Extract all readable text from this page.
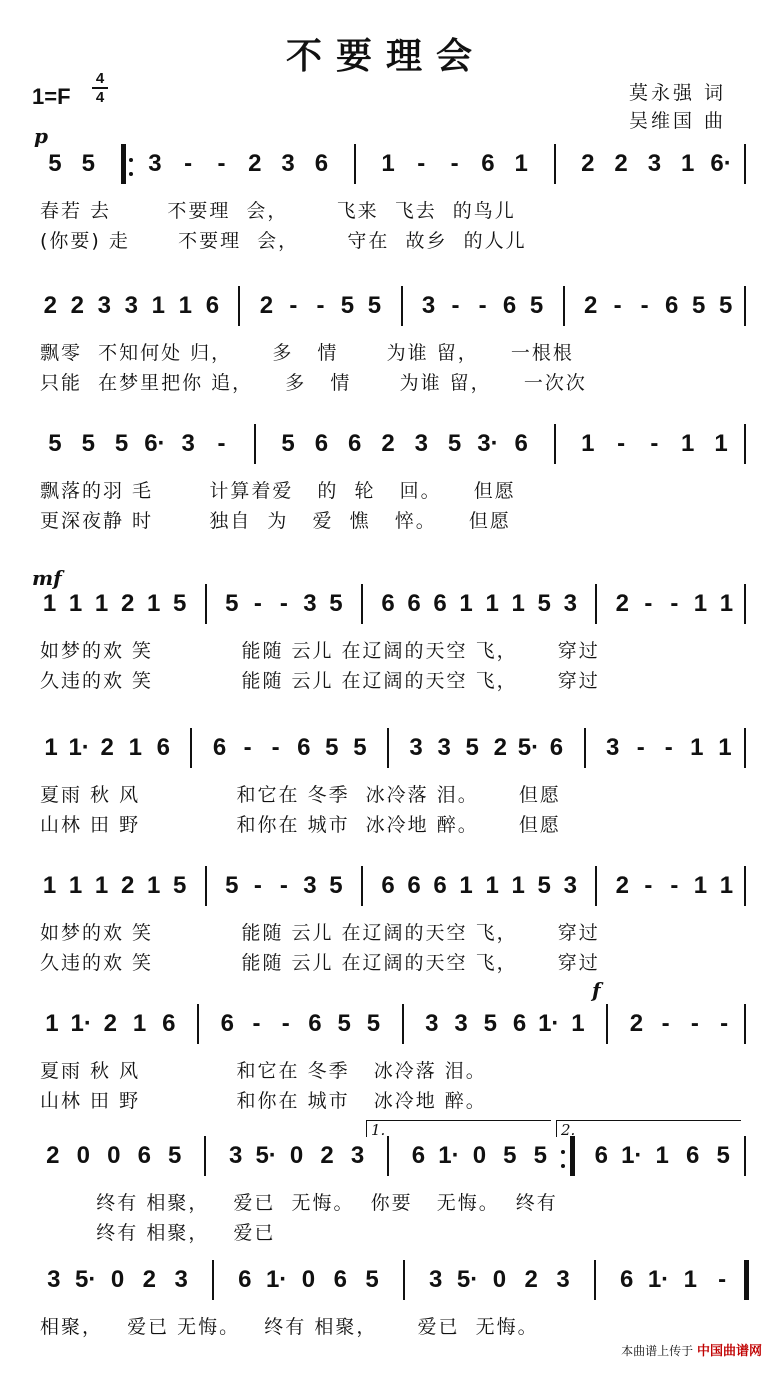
不要理会
1=F
4
4	莫永强 词
吴维国 曲
p
mf
f
5 5 3 - - 2 3 6 1 - - 6 1 2 2 3 1 6·
春若 去       不要理  会，      飞来  飞去  的鸟儿
(你要) 走      不要理  会，      守在  故乡  的人儿
2 2 3 3 1 1 6 2 - - 5 5 3 - - 6 5 2 - - 6 5 5
飘零  不知何处 归，     多   情      为谁 留，    一根根
只能  在梦里把你 追，    多   情      为谁 留，    一次次
5 5 5 6· 3 - 5 6 6 2 3 5 3· 6 1 - - 1 1
飘落的羽 毛       计算着爱   的  轮   回。    但愿
更深夜静 时       独自  为   爱  憔   悴。    但愿
1 1 1 2 1 5 5 - - 3 5 6 6 6 1 1 1 5 3 2 - - 1 1
如梦的欢 笑           能随 云儿 在辽阔的天空 飞，     穿过
久违的欢 笑           能随 云儿 在辽阔的天空 飞，     穿过
1 1· 2 1 6 6 - - 6 5 5 3 3 5 2 5· 6 3 - - 1 1
夏雨 秋 风            和它在 冬季  冰冷落 泪。     但愿
山林 田 野            和你在 城市  冰冷地 醉。     但愿
1 1 1 2 1 5 5 - - 3 5 6 6 6 1 1 1 5 3 2 - - 1 1
如梦的欢 笑           能随 云儿 在辽阔的天空 飞，     穿过
久违的欢 笑           能随 云儿 在辽阔的天空 飞，     穿过
1 1· 2 1 6 6 - - 6 5 5 3 3 5 6 1· 1 2 - - -
夏雨 秋 风            和它在 冬季   冰冷落 泪。
山林 田 野            和你在 城市   冰冷地 醉。
2 0 0 6 5 3 5· 0 2 3 6 1· 0 5 5 6 1· 1 6 5
终有 相聚，   爱已  无悔。  你要   无悔。  终有
终有 相聚，   爱已
3 5· 0 2 3 6 1· 0 6 5 3 5· 0 2 3 6 1· 1 -
相聚，   爱已 无悔。   终有 相聚，     爱已  无悔。
1.	2.
本曲谱上传于 中国曲谱网
